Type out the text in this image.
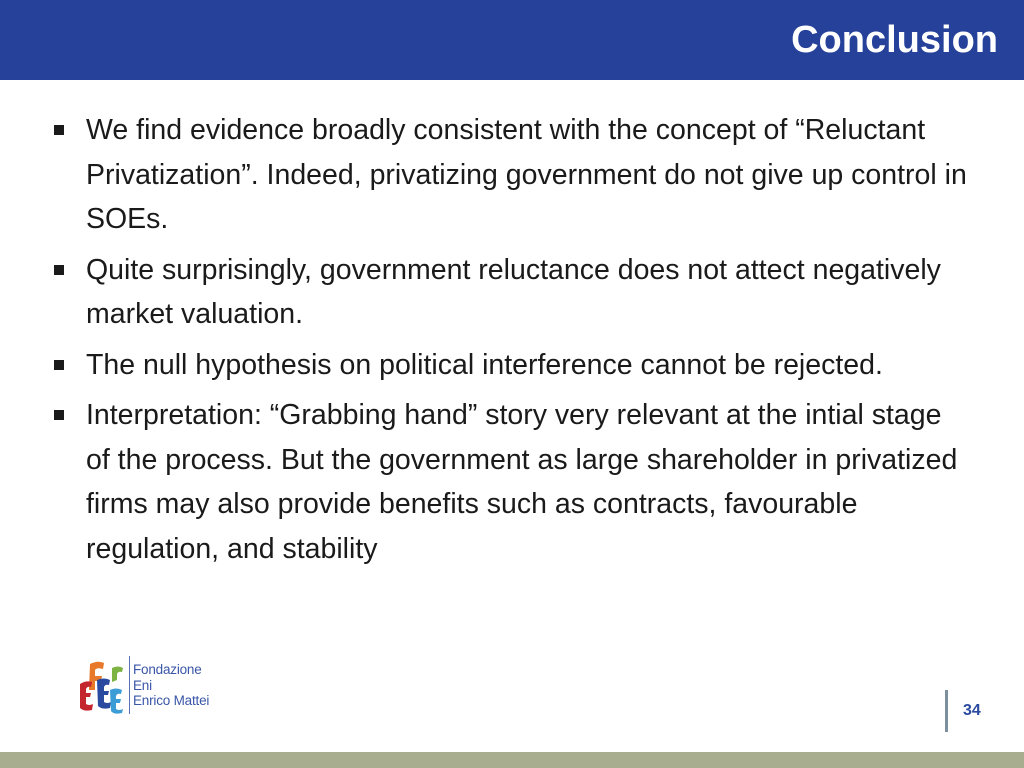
Conclusion
We find evidence broadly consistent with the concept of “Reluctant Privatization”. Indeed, privatizing government do not give up control in SOEs.
Quite surprisingly, government reluctance does not attect negatively market valuation.
The null hypothesis on political interference cannot be rejected.
Interpretation: “Grabbing hand” story very relevant at the intial stage of the process. But the government as large shareholder in privatized firms may also provide benefits such as contracts, favourable regulation, and stability
Fondazione
Eni
Enrico Mattei
34
